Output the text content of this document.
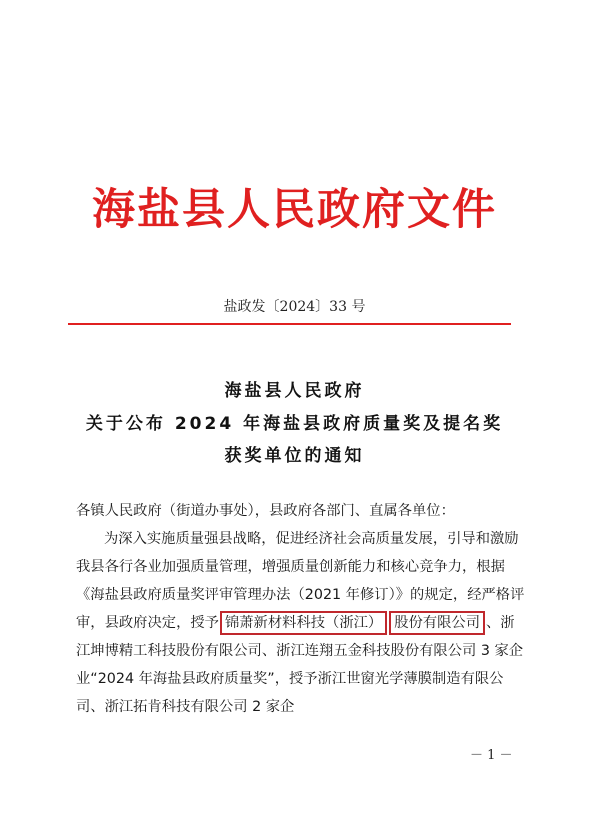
海盐县人民政府文件
盐政发〔2024〕33 号
海盐县人民政府
关于公布 2024 年海盐县政府质量奖及提名奖
获奖单位的通知

各镇人民政府（街道办事处），县政府各部门、直属各单位：

为深入实施质量强县战略，促进经济社会高质量发展，引导和激励我县各行各业加强质量管理，增强质量创新能力和核心竞争力，根据《海盐县政府质量奖评审管理办法（2021 年修订）》的规定，经严格评审，县政府决定，授予 锦萧新材料科技（浙江） 股份有限公司 、浙江坤博精工科技股份有限公司、浙江连翔五金科技股份有限公司 3 家企业“2024 年海盐县政府质量奖”，授予浙江世窗光学薄膜制造有限公司、浙江拓肯科技有限公司 2 家企

－ 1 －
